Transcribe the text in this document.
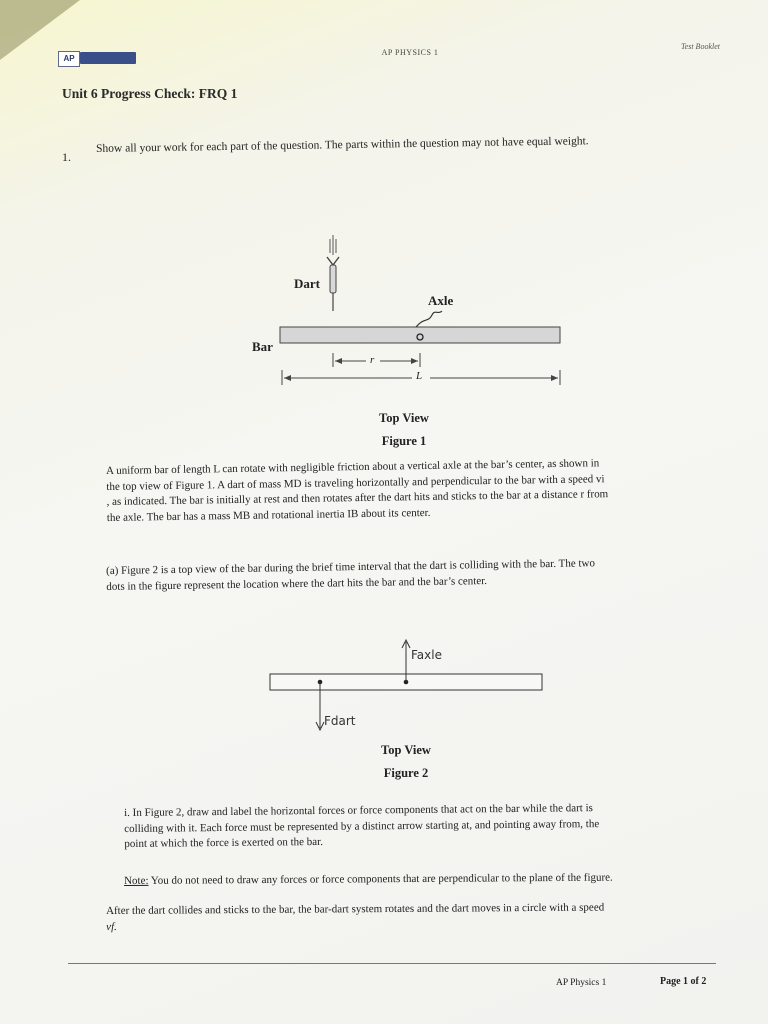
AP
AP PHYSICS 1
Test Booklet
Unit 6 Progress Check: FRQ 1
1.
Show all your work for each part of the question. The parts within the question may not have equal weight.
Dart
Axle
Bar
r
L
Top View
Figure 1
A uniform bar of length L can rotate with negligible friction about a vertical axle at the bar’s center, as shown in
the top view of Figure 1. A dart of mass MD is traveling horizontally and perpendicular to the bar with a speed vi
, as indicated. The bar is initially at rest and then rotates after the dart hits and sticks to the bar at a distance r from
the axle. The bar has a mass MB and rotational inertia IB about its center.
(a) Figure 2 is a top view of the bar during the brief time interval that the dart is colliding with the bar. The two
dots in the figure represent the location where the dart hits the bar and the bar’s center.
Faxle
Fdart
Top View
Figure 2
i. In Figure 2, draw and label the horizontal forces or force components that act on the bar while the dart is
colliding with it. Each force must be represented by a distinct arrow starting at, and pointing away from, the
point at which the force is exerted on the bar.
Note: You do not need to draw any forces or force components that are perpendicular to the plane of the figure.
After the dart collides and sticks to the bar, the bar-dart system rotates and the dart moves in a circle with a speed
vf.
AP Physics 1	Page 1 of 2
